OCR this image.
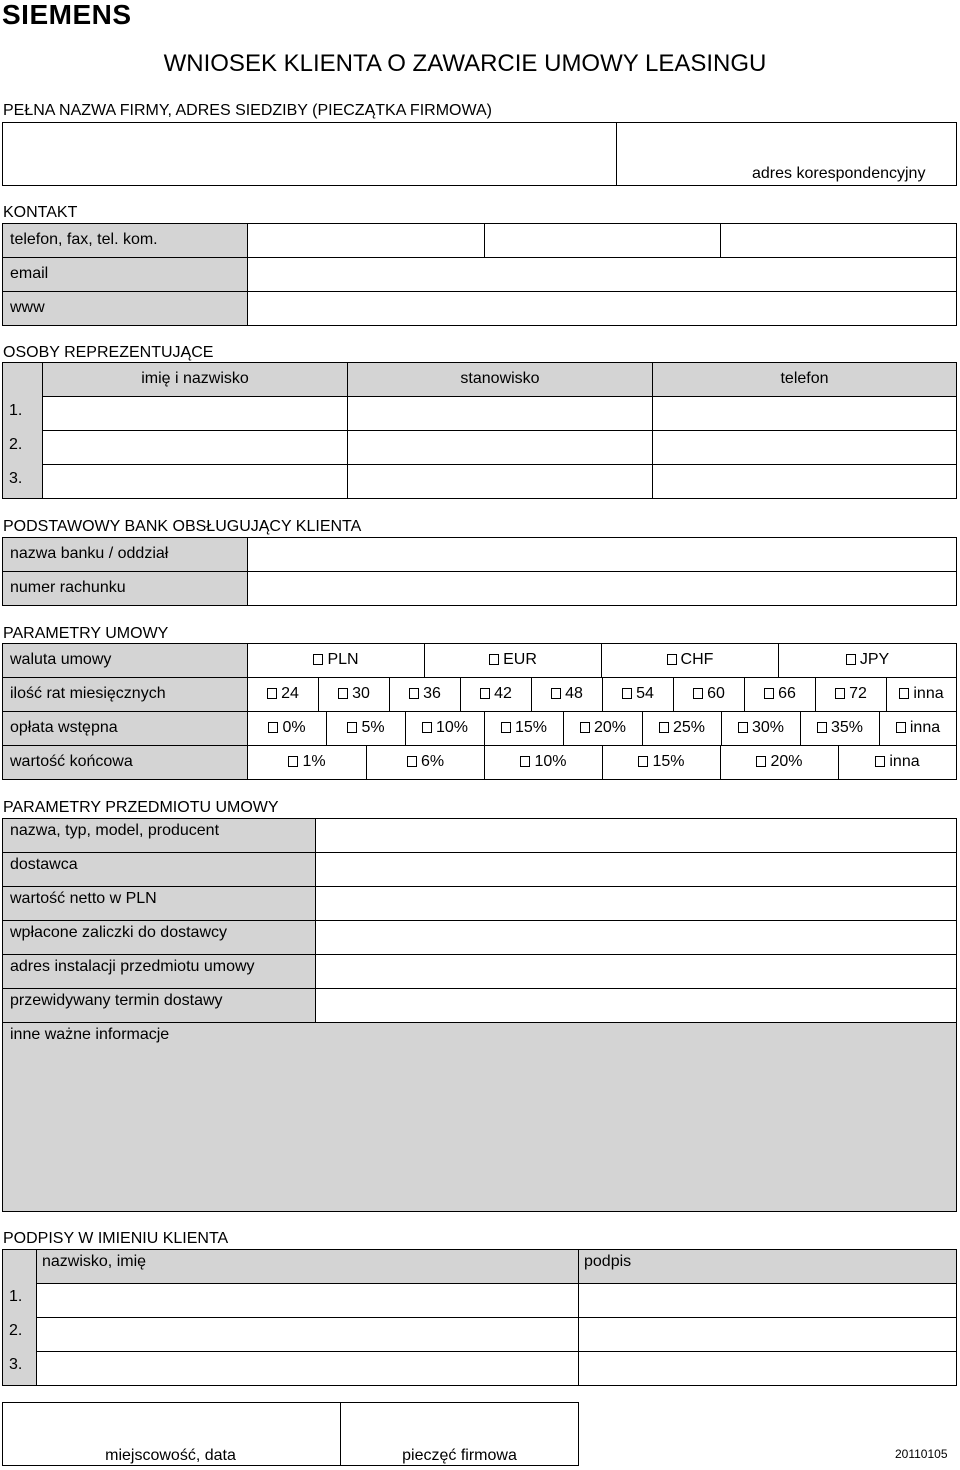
SIEMENS
WNIOSEK KLIENTA O ZAWARCIE UMOWY LEASINGU
PEŁNA NAZWA FIRMY, ADRES SIEDZIBY (PIECZĄTKA FIRMOWA)
adres korespondencyjny
KONTAKT
telefon, fax, tel. kom.
email
www
OSOBY REPREZENTUJĄCE
imię i nazwisko	stanowisko	telefon
1.
2.
3.
PODSTAWOWY BANK OBSŁUGUJĄCY KLIENTA
nazwa banku / oddział
numer rachunku
PARAMETRY UMOWY
waluta umowy	PLN	EUR	CHF	JPY
ilość rat miesięcznych	24	30	36	42	48	54	60	66	72	inna
opłata wstępna	0%	5%	10%	15%	20%	25%	30%	35%	inna
wartość końcowa	1%	6%	10%	15%	20%	inna
PARAMETRY PRZEDMIOTU UMOWY
nazwa, typ, model, producent
dostawca
wartość netto w PLN
wpłacone zaliczki do dostawcy
adres instalacji przedmiotu umowy
przewidywany termin dostawy
inne ważne informacje
PODPISY W IMIENIU KLIENTA
nazwisko, imię	podpis
1.
2.
3.
miejscowość, data	pieczęć firmowa	20110105
